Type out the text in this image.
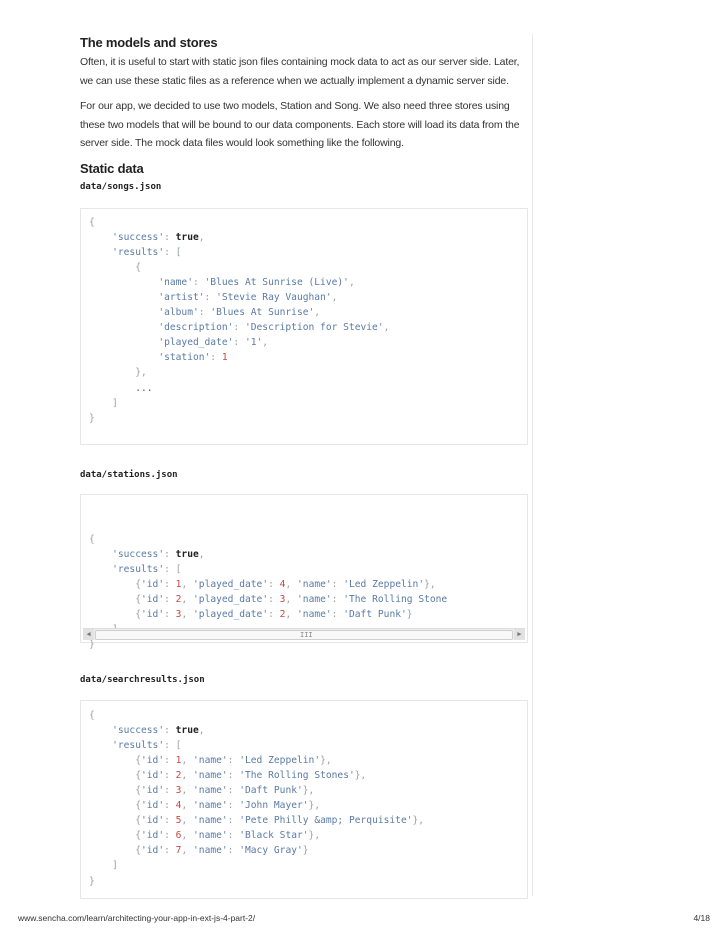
The models and stores

Often, it is useful to start with static json files containing mock data to act as our server side. Later, we can use these static files as a reference when we actually implement a dynamic server side.

For our app, we decided to use two models, Station and Song. We also need three stores using these two models that will be bound to our data components. Each store will load its data from the server side. The mock data files would look something like the following.

Static data
data/songs.json
{
'success': true,
'results': [
{
'name': 'Blues At Sunrise (Live)',
'artist': 'Stevie Ray Vaughan',
'album': 'Blues At Sunrise',
'description': 'Description for Stevie',
'played_date': '1',
'station': 1
},
...
]
}
data/stations.json

{
'success': true,
'results': [
{'id': 1, 'played_date': 4, 'name': 'Led Zeppelin'},
{'id': 2, 'played_date': 3, 'name': 'The Rolling Stone
{'id': 3, 'played_date': 2, 'name': 'Daft Punk'}

}
◀	III	▶
data/searchresults.json
{
'success': true,
'results': [
{'id': 1, 'name': 'Led Zeppelin'},
{'id': 2, 'name': 'The Rolling Stones'},
{'id': 3, 'name': 'Daft Punk'},
{'id': 4, 'name': 'John Mayer'},
{'id': 5, 'name': 'Pete Philly &amp; Perquisite'},
{'id': 6, 'name': 'Black Star'},
{'id': 7, 'name': 'Macy Gray'}
]
}
www.sencha.com/learn/architecting-your-app-in-ext-js-4-part-2/	4/18
